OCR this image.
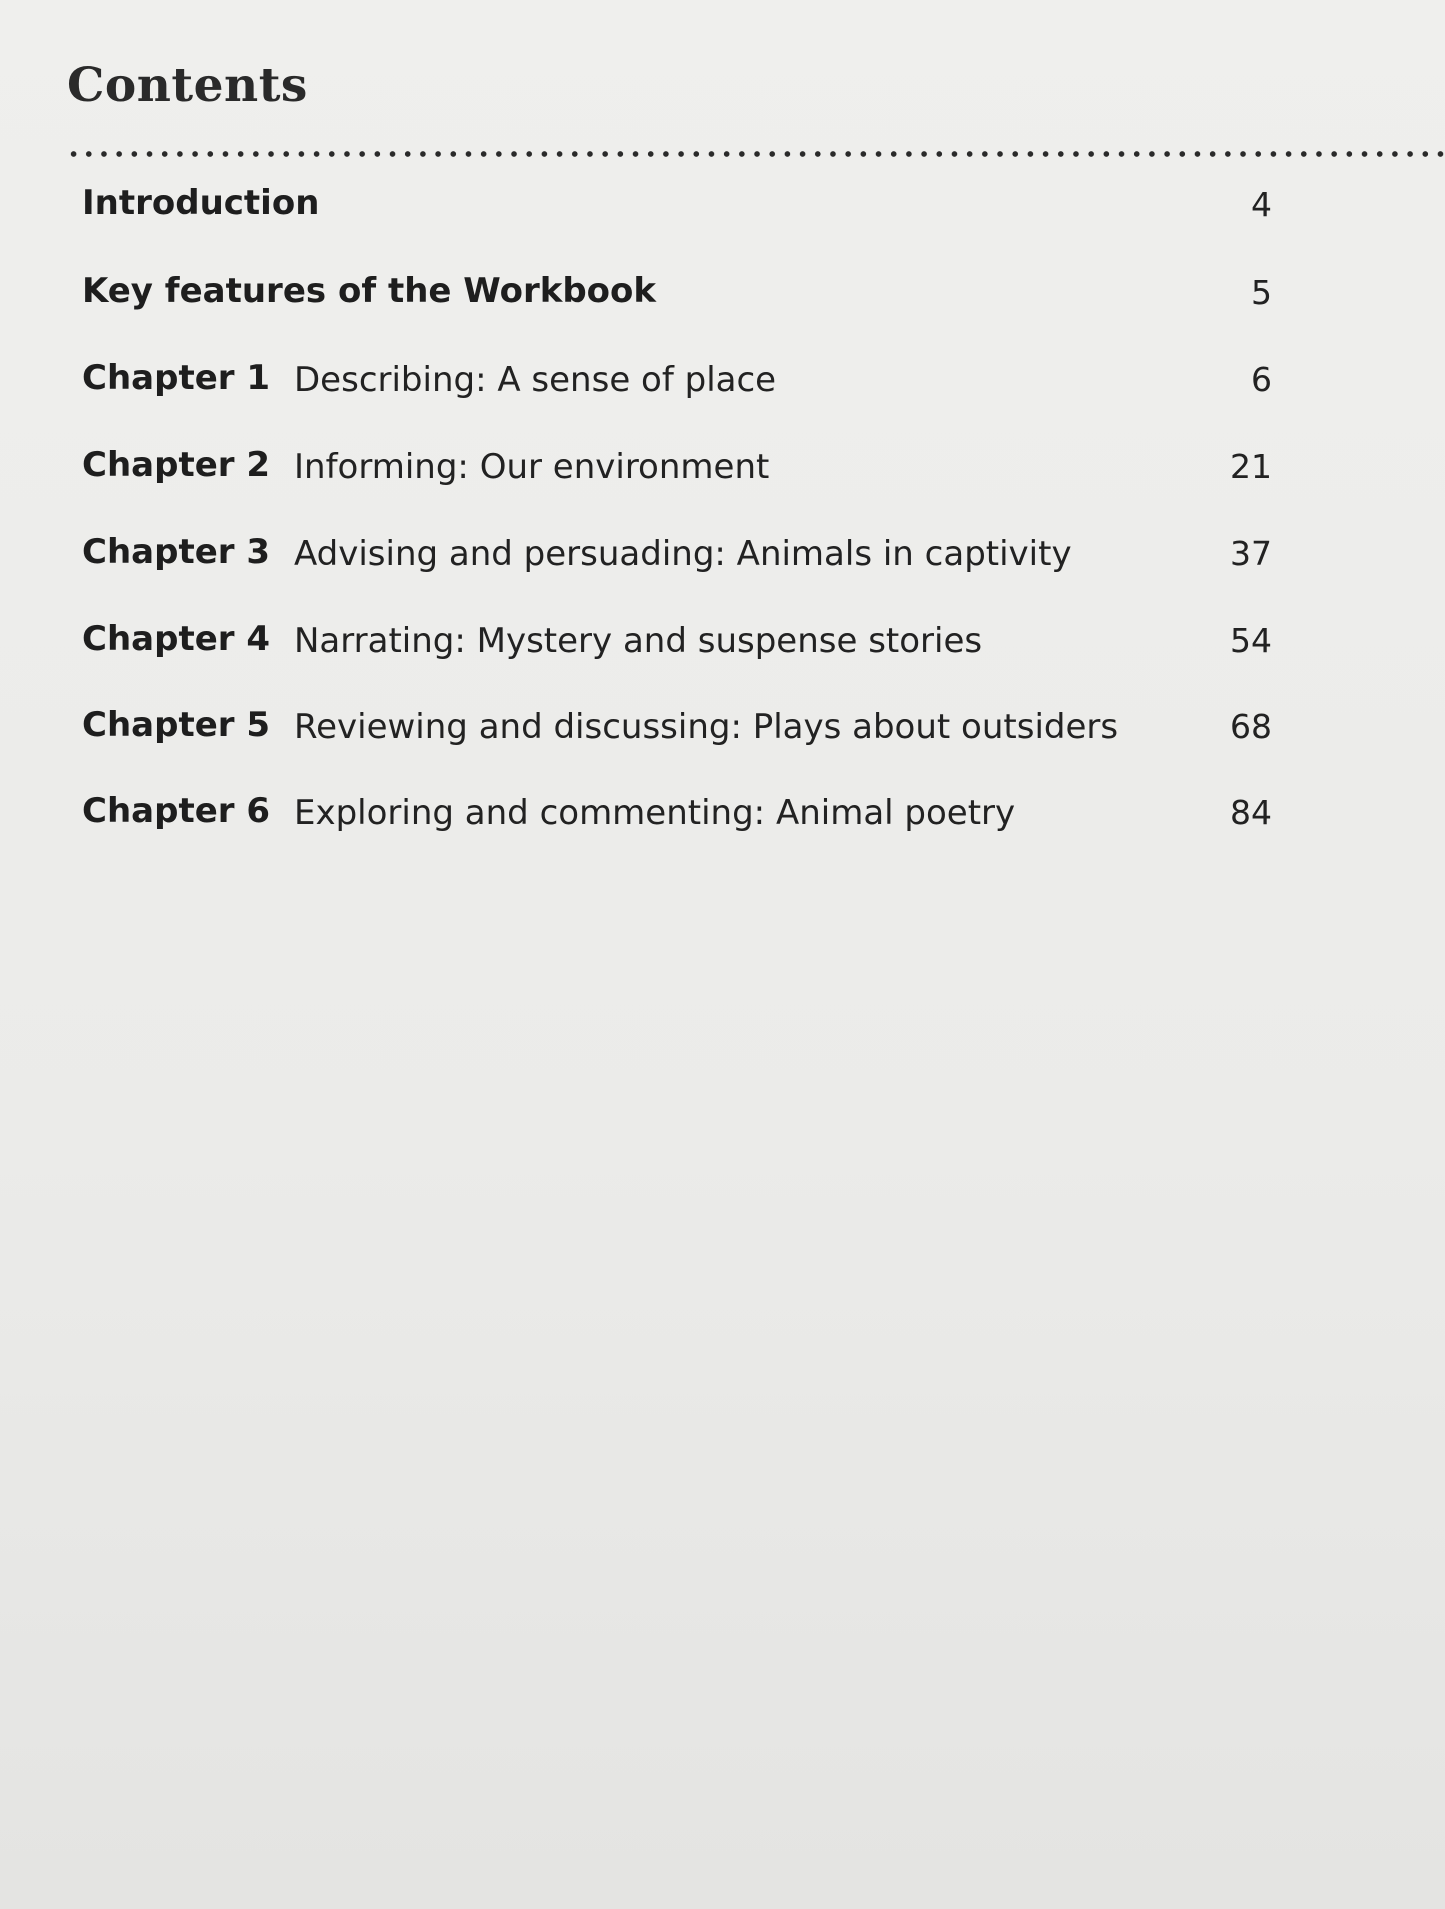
Contents
Introduction	4
Key features of the Workbook	5
Chapter 1 Describing: A sense of place	6
Chapter 2 Informing: Our environment	21
Chapter 3 Advising and persuading: Animals in captivity	37
Chapter 4 Narrating: Mystery and suspense stories	54
Chapter 5 Reviewing and discussing: Plays about outsiders	68
Chapter 6 Exploring and commenting: Animal poetry	84
